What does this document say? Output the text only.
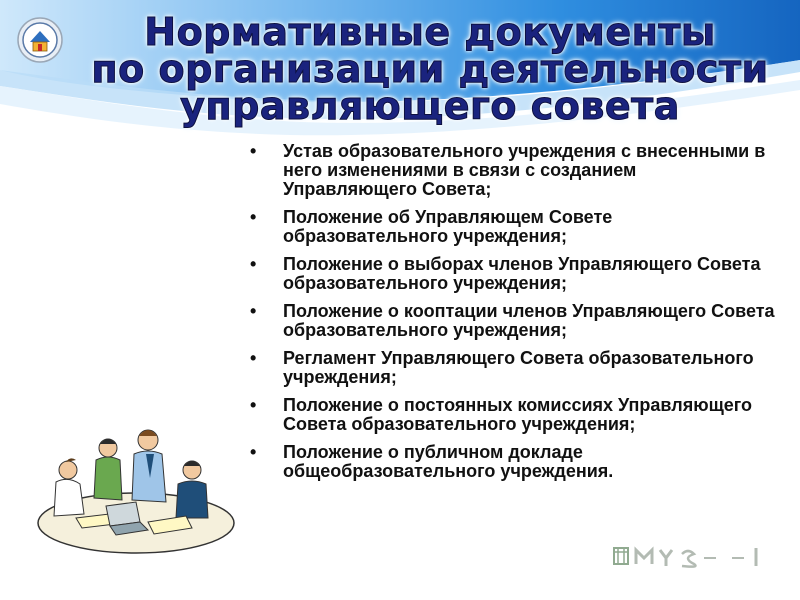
Нормативные документы
по организации деятельности
управляющего совета
• Устав образовательного учреждения с внесенными в него изменениями в связи с созданием Управляющего Совета;
• Положение об Управляющем Совете образовательного учреждения;
• Положение о выборах членов Управляющего Совета образовательного учреждения;
• Положение о кооптации членов Управляющего Совета образовательного учреждения;
• Регламент Управляющего Совета образовательного учреждения;
• Положение о постоянных комиссиях Управляющего Совета образовательного учреждения;
• Положение о публичном докладе общеобразовательного учреждения.
